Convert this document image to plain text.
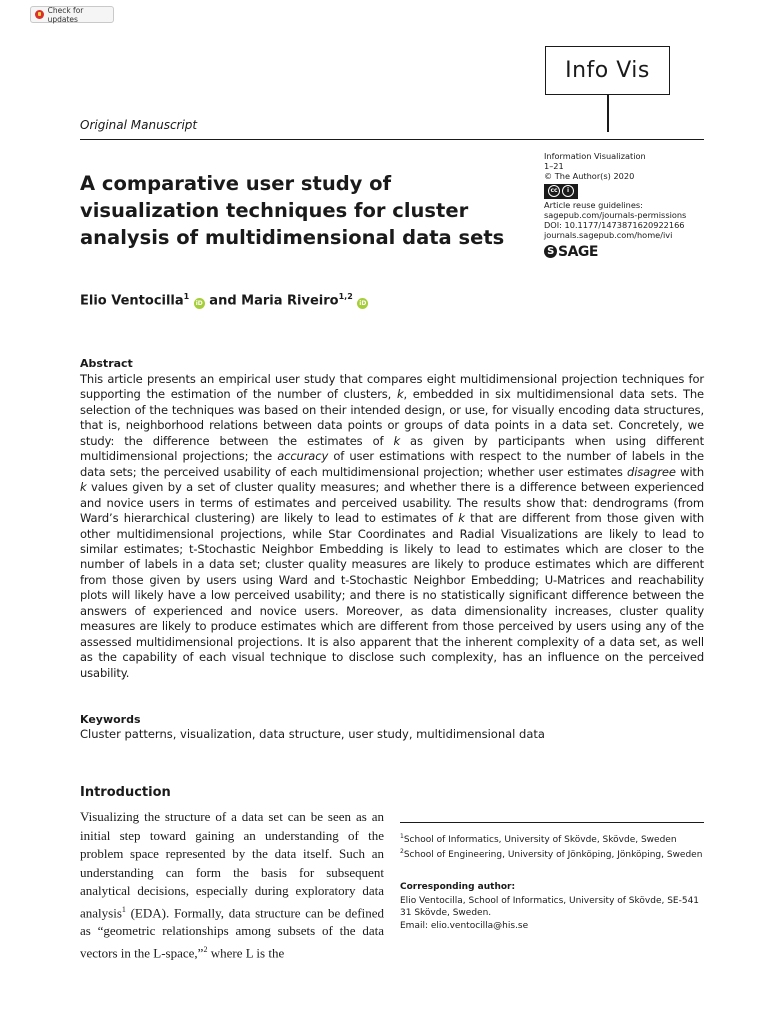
Check for updates
Info Vis
Original Manuscript
A comparative user study of visualization techniques for cluster analysis of multidimensional data sets
Information Visualization
1–21
© The Author(s) 2020
cc	i
Article reuse guidelines:
sagepub.com/journals-permissions
DOI: 10.1177/1473871620922166
journals.sagepub.com/home/ivi
S SAGE
Elio Ventocilla$^1$ iD and Maria Riveiro$^{1,2}$ iD
Abstract

This article presents an empirical user study that compares eight multidimensional projection techniques for supporting the estimation of the number of clusters, k, embedded in six multidimensional data sets. The selection of the techniques was based on their intended design, or use, for visually encoding data structures, that is, neighborhood relations between data points or groups of data points in a data set. Concretely, we study: the difference between the estimates of k as given by participants when using different multidimensional projections; the accuracy of user estimations with respect to the number of labels in the data sets; the perceived usability of each multidimensional projection; whether user estimates disagree with k values given by a set of cluster quality measures; and whether there is a difference between experienced and novice users in terms of estimates and perceived usability. The results show that: dendrograms (from Ward’s hierarchical clustering) are likely to lead to estimates of k that are different from those given with other multidimensional projections, while Star Coordinates and Radial Visualizations are likely to lead to similar estimates; t-Stochastic Neighbor Embedding is likely to lead to estimates which are closer to the number of labels in a data set; cluster quality measures are likely to produce estimates which are different from those given by users using Ward and t-Stochastic Neighbor Embedding; U-Matrices and reachability plots will likely have a low perceived usability; and there is no statistically significant difference between the answers of experienced and novice users. Moreover, as data dimensionality increases, cluster quality measures are likely to produce estimates which are different from those perceived by users using any of the assessed multidimensional projections. It is also apparent that the inherent complexity of a data set, as well as the capability of each visual technique to disclose such complexity, has an influence on the perceived usability.

Keywords
Cluster patterns, visualization, data structure, user study, multidimensional data
Introduction

Visualizing the structure of a data set can be seen as an initial step toward gaining an understanding of the problem space represented by the data itself. Such an understanding can form the basis for subsequent analytical decisions, especially during exploratory data analysis$^1$ (EDA). Formally, data structure can be defined as “geometric relationships among subsets of the data vectors in the L-space,”$^2$ where L is the

$^1$School of Informatics, University of Skövde, Skövde, Sweden
$^2$School of Engineering, University of Jönköping, Jönköping, Sweden
Corresponding author:
Elio Ventocilla, School of Informatics, University of Skövde, SE-541 31 Skövde, Sweden.
Email: elio.ventocilla@his.se
